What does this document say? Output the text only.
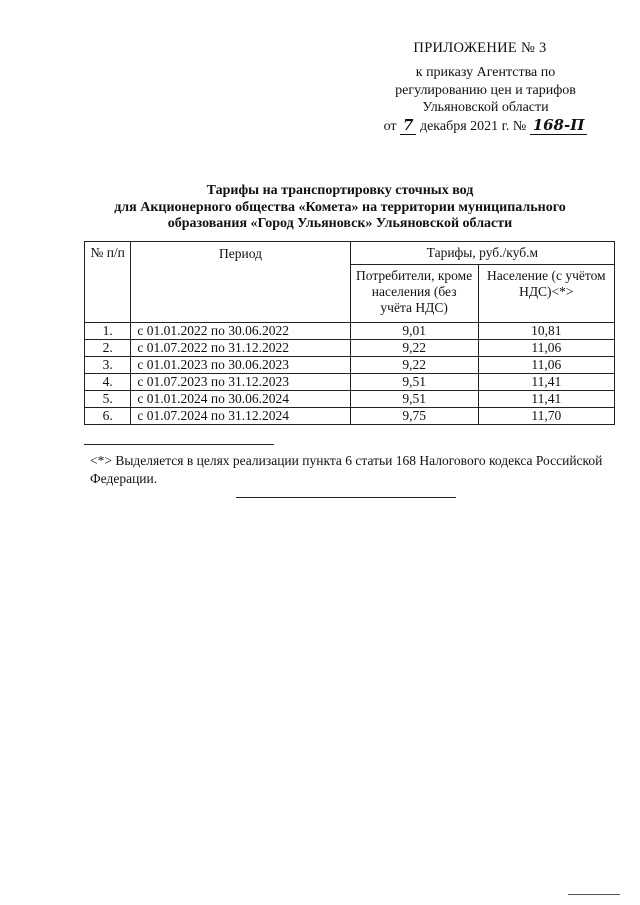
ПРИЛОЖЕНИЕ № 3
к приказу Агентства по
регулированию цен и тарифов
Ульяновской области
от 7 декабря 2021 г. № 168-П
Тарифы на транспортировку сточных вод
для Акционерного общества «Комета» на территории муниципального
образования «Город Ульяновск» Ульяновской области
№ п/п	Период	Тарифы, руб./куб.м	
		Потребители, кроме населения (без учёта НДС)	Население (с учётом НДС)<*>
1.	с 01.01.2022 по 30.06.2022	9,01	10,81
2.	с 01.07.2022 по 31.12.2022	9,22	11,06
3.	с 01.01.2023 по 30.06.2023	9,22	11,06
4.	с 01.07.2023 по 31.12.2023	9,51	11,41
5.	с 01.01.2024 по 30.06.2024	9,51	11,41
6.	с 01.07.2024 по 31.12.2024	9,75	11,70
<*> Выделяется в целях реализации пункта 6 статьи 168 Налогового кодекса Российской Федерации.
